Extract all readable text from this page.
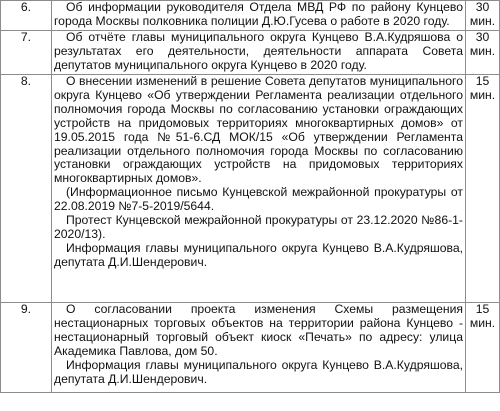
6.	Об информации руководителя Отдела МВД РФ по району Кунцево города Москвы полковника полиции Д.Ю.Гусева о работе в 2020 году.	30 мин.
7.	Об отчёте главы муниципального округа Кунцево В.А.Кудряшова о результатах его деятельности, деятельности аппарата Совета депутатов муниципального округа Кунцево в 2020 году.	30 мин.
8.	О внесении изменений в решение Совета депутатов муниципального округа Кунцево «Об утверждении Регламента реализации отдельного полномочия города Москвы по согласованию установки ограждающих устройств на придомовых территориях многоквартирных домов» от 19.05.2015 года №51-6.СД МОК/15 «Об утверждении Регламента реализации отдельного полномочия города Москвы по согласованию установки ограждающих устройств на придомовых территориях многоквартирных домов».

(Информационное письмо Кунцевской межрайонной прокуратуры от 22.08.2019 №7-5-2019/5644.

Протест Кунцевской межрайонной прокуратуры от 23.12.2020 №86-1-2020/13).

Информация главы муниципального округа Кунцево В.А.Кудряшова, депутата Д.И.Шендерович.	15 мин.
9.	О согласовании проекта изменения Схемы размещения нестационарных торговых объектов на территории района Кунцево - нестационарный торговый объект киоск «Печать» по адресу: улица Академика Павлова, дом 50.

Информация главы муниципального округа Кунцево В.А.Кудряшова, депутата Д.И.Шендерович.	15 мин.
